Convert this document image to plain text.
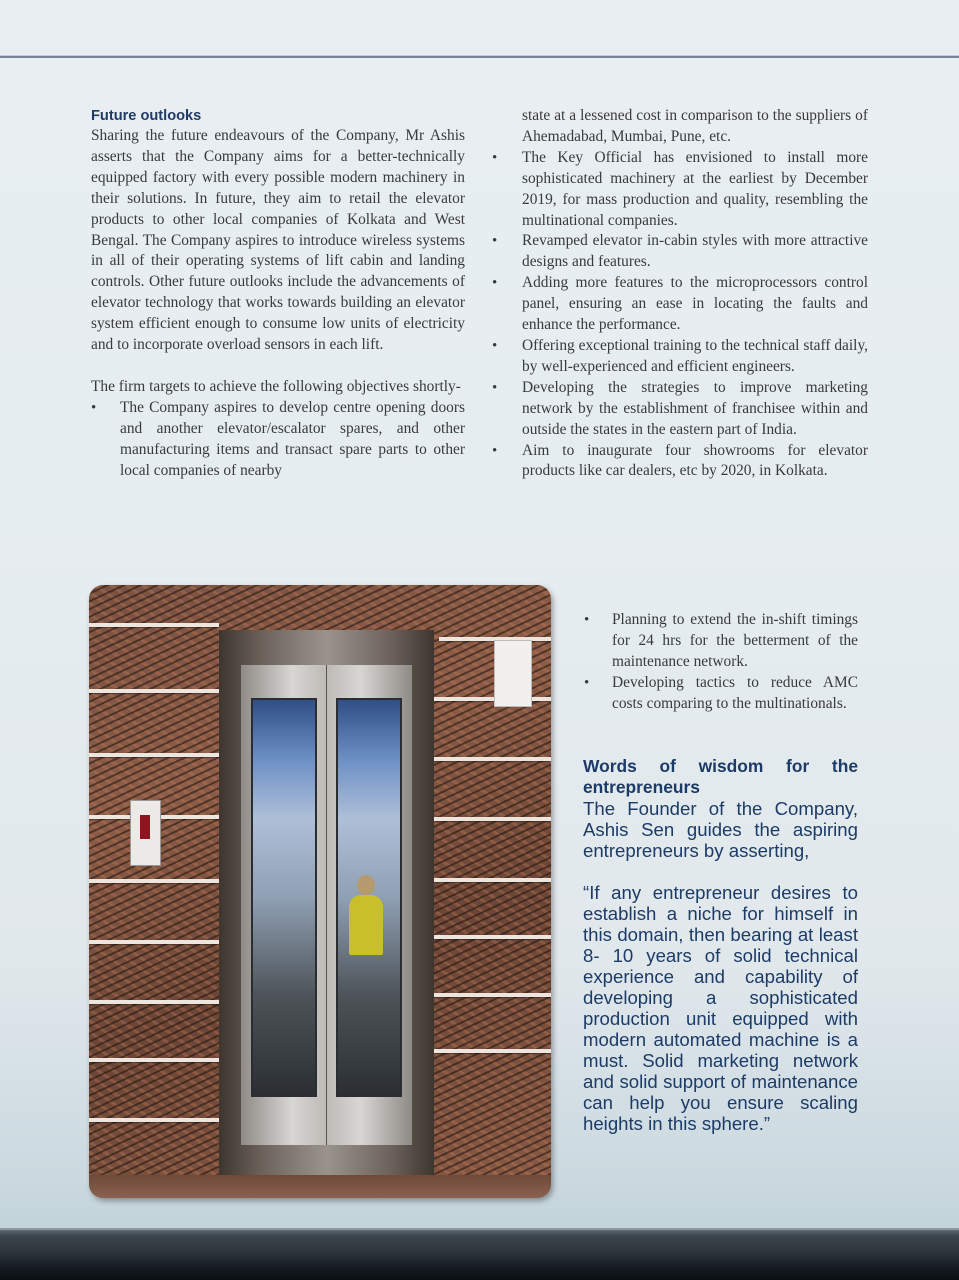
Future outlooks

Sharing the future endeavours of the Company, Mr Ashis asserts that the Company aims for a better-technically equipped factory with every possible modern machinery in their solutions. In future, they aim to retail the elevator products to other local companies of Kolkata and West Bengal. The Company aspires to introduce wireless systems in all of their operating systems of lift cabin and landing controls. Other future outlooks include the advancements of elevator technology that works towards building an elevator system efficient enough to consume low units of electricity and to incorporate overload sensors in each lift.

The firm targets to achieve the following objectives shortly-

• The Company aspires to develop centre opening doors and another elevator/escalator spares, and other manufacturing items and transact spare parts to other local companies of nearby

state at a lessened cost in comparison to the suppliers of Ahemadabad, Mumbai, Pune, etc.

• The Key Official has envisioned to install more sophisticated machinery at the earliest by December 2019, for mass production and quality, resembling the multinational companies.
• Revamped elevator in-cabin styles with more attractive designs and features.
• Adding more features to the microprocessors control panel, ensuring an ease in locating the faults and enhance the performance.
• Offering exceptional training to the technical staff daily, by well-experienced and efficient engineers.
• Developing the strategies to improve marketing network by the establishment of franchisee within and outside the states in the eastern part of India.
• Aim to inaugurate four showrooms for elevator products like car dealers, etc by 2020, in Kolkata.
• Planning to extend the in-shift timings for 24 hrs for the betterment of the maintenance network.
• Developing tactics to reduce AMC costs comparing to the multinationals.
Words of wisdom for the entrepreneurs

The Founder of the Company, Ashis Sen guides the aspiring entrepreneurs by asserting,

“If any entrepreneur desires to establish a niche for himself in this domain, then bearing at least 8- 10 years of solid technical experience and capability of developing a sophisticated production unit equipped with modern automated machine is a must. Solid marketing network and solid support of maintenance can help you ensure scaling heights in this sphere.”
